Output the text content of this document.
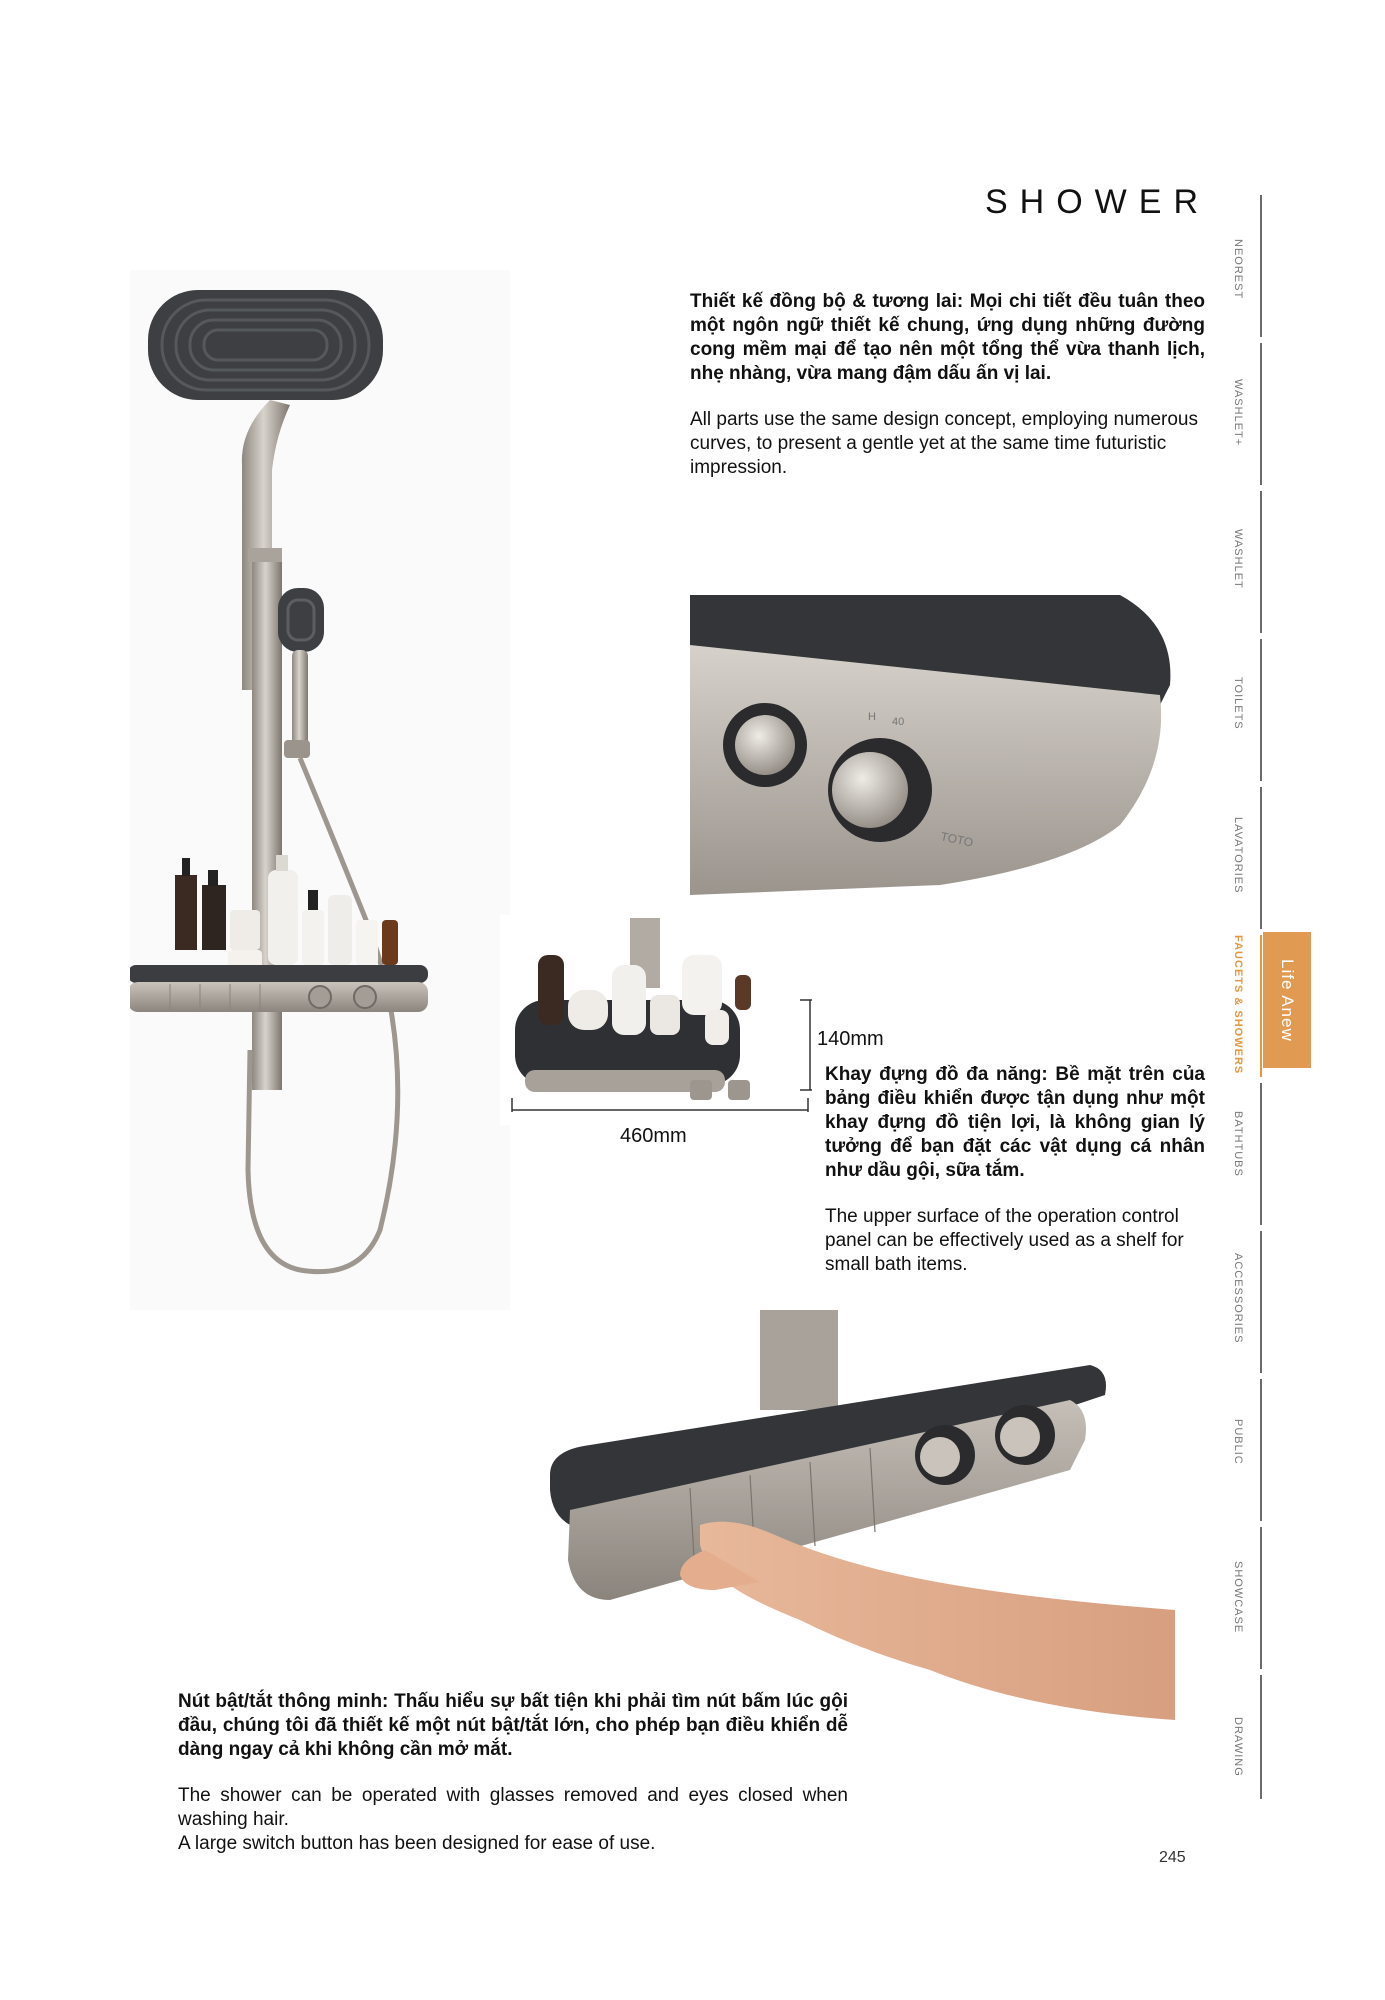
SHOWER
H 40
TOTO
140mm
460mm
Thiết kế đồng bộ & tương lai: Mọi chi tiết đều tuân theo một ngôn ngữ thiết kế chung, ứng dụng những đường cong mềm mại để tạo nên một tổng thể vừa thanh lịch, nhẹ nhàng, vừa mang đậm dấu ấn vị lai.
All parts use the same design concept, employing numerous curves, to present a gentle yet at the same time futuristic impression.
Khay đựng đồ đa năng: Bề mặt trên của bảng điều khiển được tận dụng như một khay đựng đồ tiện lợi, là không gian lý tưởng để bạn đặt các vật dụng cá nhân như dầu gội, sữa tắm.
The upper surface of the operation control panel can be effectively used as a shelf for small bath items.
Nút bật/tắt thông minh: Thấu hiểu sự bất tiện khi phải tìm nút bấm lúc gội đầu, chúng tôi đã thiết kế một nút bật/tắt lớn, cho phép bạn điều khiển dễ dàng ngay cả khi không cần mở mắt.
The shower can be operated with glasses removed and eyes closed when washing hair.
A large switch button has been designed for ease of use.
245
NEOREST
WASHLET+
WASHLET
TOILETS
LAVATORIES
FAUCETS & SHOWERS
BATHTUBS
ACCESSORIES
PUBLIC
SHOWCASE
DRAWING
Life Anew
